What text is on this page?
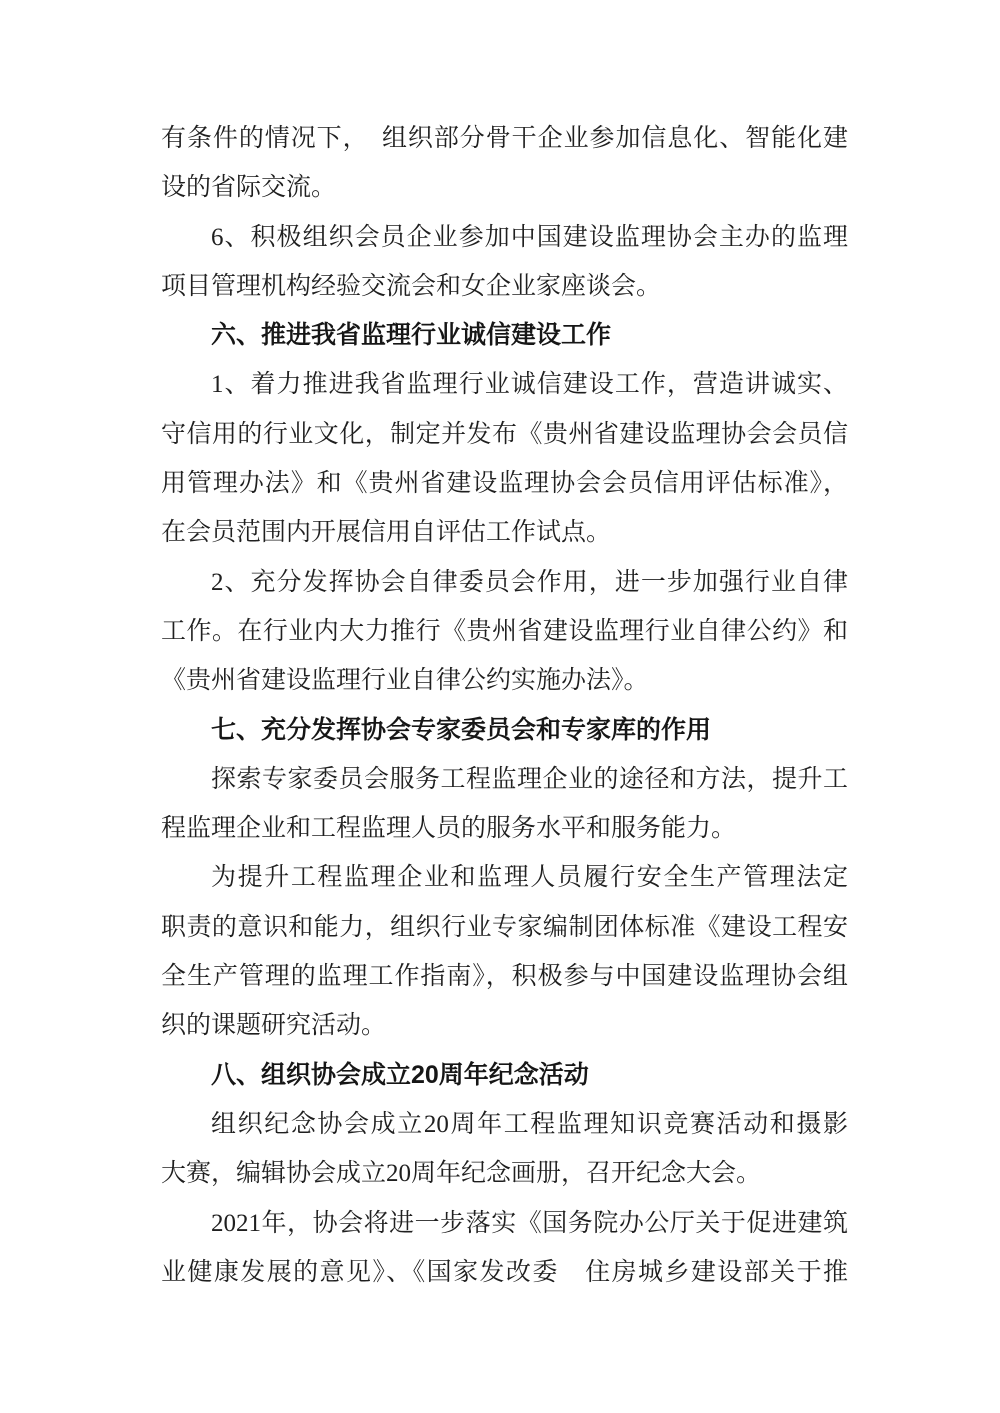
有条件的情况下，　组织部分骨干企业参加信息化、智能化建
设的省际交流。
6、积极组织会员企业参加中国建设监理协会主办的监理
项目管理机构经验交流会和女企业家座谈会。
六、推进我省监理行业诚信建设工作
1、着力推进我省监理行业诚信建设工作，营造讲诚实、
守信用的行业文化，制定并发布《贵州省建设监理协会会员信
用管理办法》和《贵州省建设监理协会会员信用评估标准》，
在会员范围内开展信用自评估工作试点。
2、充分发挥协会自律委员会作用，进一步加强行业自律
工作。在行业内大力推行《贵州省建设监理行业自律公约》和
《贵州省建设监理行业自律公约实施办法》。
七、充分发挥协会专家委员会和专家库的作用
探索专家委员会服务工程监理企业的途径和方法，提升工
程监理企业和工程监理人员的服务水平和服务能力。
为提升工程监理企业和监理人员履行安全生产管理法定
职责的意识和能力，组织行业专家编制团体标准《建设工程安
全生产管理的监理工作指南》，积极参与中国建设监理协会组
织的课题研究活动。
八、组织协会成立20周年纪念活动
组织纪念协会成立20周年工程监理知识竞赛活动和摄影
大赛，编辑协会成立20周年纪念画册，召开纪念大会。
2021年，协会将进一步落实《国务院办公厅关于促进建筑
业健康发展的意见》、《国家发改委　住房城乡建设部关于推
